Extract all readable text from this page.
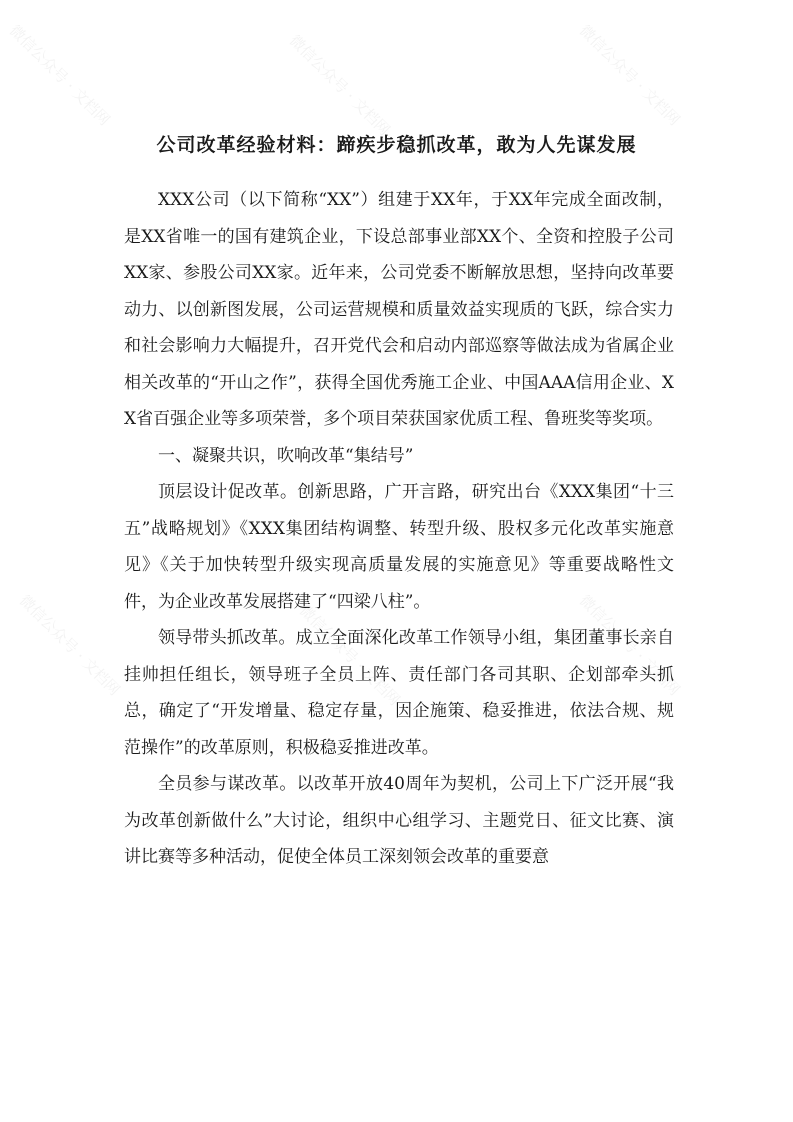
公司改革经验材料：蹄疾步稳抓改革，敢为人先谋发展

XXX公司（以下简称“XX”）组建于XX年，于XX年完成全面改制，是XX省唯一的国有建筑企业，下设总部事业部XX个、全资和控股子公司XX家、参股公司XX家。近年来，公司党委不断解放思想，坚持向改革要动力、以创新图发展，公司运营规模和质量效益实现质的飞跃，综合实力和社会影响力大幅提升，召开党代会和启动内部巡察等做法成为省属企业相关改革的“开山之作”，获得全国优秀施工企业、中国AAA信用企业、XX省百强企业等多项荣誉，多个项目荣获国家优质工程、鲁班奖等奖项。

一、凝聚共识，吹响改革“集结号”

顶层设计促改革。创新思路，广开言路，研究出台《XXX集团“十三五”战略规划》《XXX集团结构调整、转型升级、股权多元化改革实施意见》《关于加快转型升级实现高质量发展的实施意见》等重要战略性文件，为企业改革发展搭建了“四梁八柱”。

领导带头抓改革。成立全面深化改革工作领导小组，集团董事长亲自挂帅担任组长，领导班子全员上阵、责任部门各司其职、企划部牵头抓总，确定了“开发增量、稳定存量，因企施策、稳妥推进，依法合规、规范操作”的改革原则，积极稳妥推进改革。

全员参与谋改革。以改革开放40周年为契机，公司上下广泛开展“我为改革创新做什么”大讨论，组织中心组学习、主题党日、征文比赛、演讲比赛等多种活动，促使全体员工深刻领会改革的重要意

微信公众号 · 文档网	微信公众号 · 文档网	微信公众号 · 文档网
微信公众号 · 文档网	微信公众号 · 文档网	微信公众号 · 文档网
